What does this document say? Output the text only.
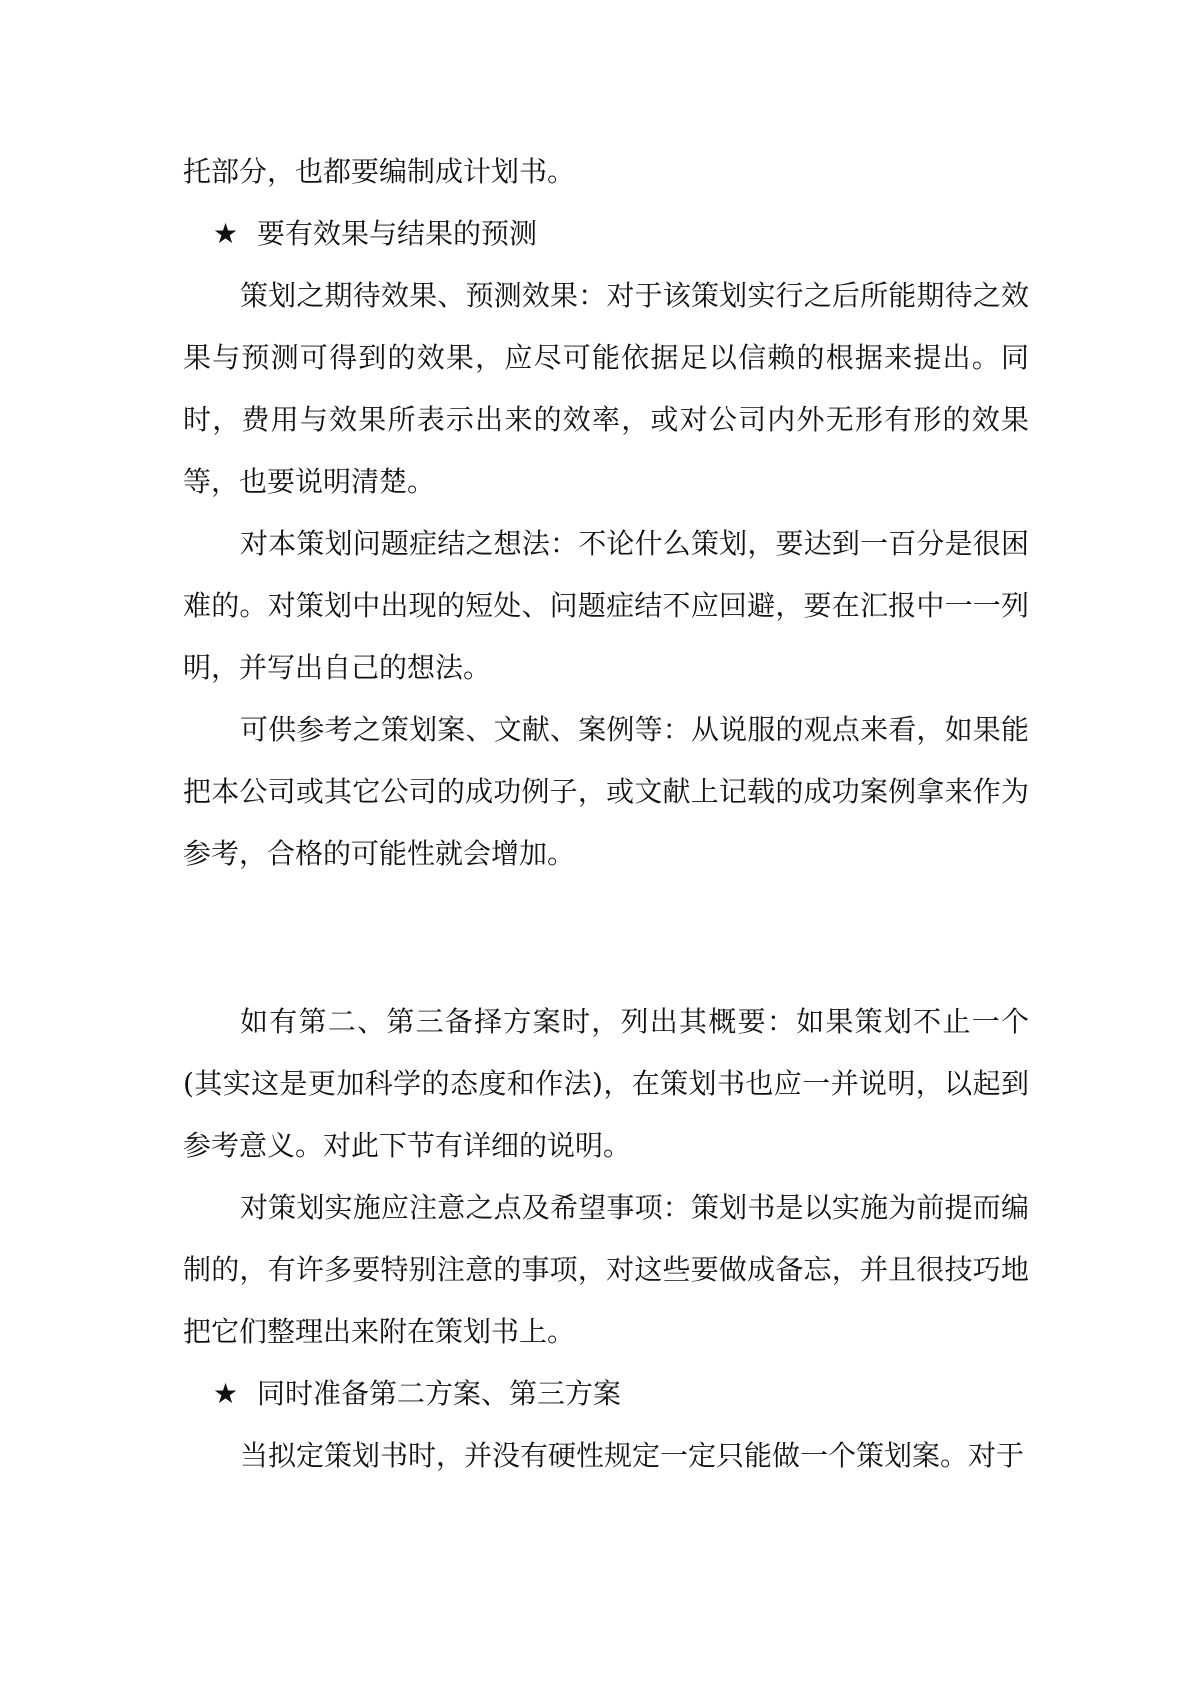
托部分，也都要编制成计划书。

★ 要有效果与结果的预测

策划之期待效果、预测效果：对于该策划实行之后所能期待之效果与预测可得到的效果，应尽可能依据足以信赖的根据来提出。同时，费用与效果所表示出来的效率，或对公司内外无形有形的效果等，也要说明清楚。

对本策划问题症结之想法：不论什么策划，要达到一百分是很困难的。对策划中出现的短处、问题症结不应回避，要在汇报中一一列明，并写出自己的想法。

可供参考之策划案、文献、案例等：从说服的观点来看，如果能把本公司或其它公司的成功例子，或文献上记载的成功案例拿来作为参考，合格的可能性就会增加。

如有第二、第三备择方案时，列出其概要：如果策划不止一个(其实这是更加科学的态度和作法)，在策划书也应一并说明，以起到参考意义。对此下节有详细的说明。

对策划实施应注意之点及希望事项：策划书是以实施为前提而编制的，有许多要特别注意的事项，对这些要做成备忘，并且很技巧地把它们整理出来附在策划书上。

★ 同时准备第二方案、第三方案

当拟定策划书时，并没有硬性规定一定只能做一个策划案。对于
